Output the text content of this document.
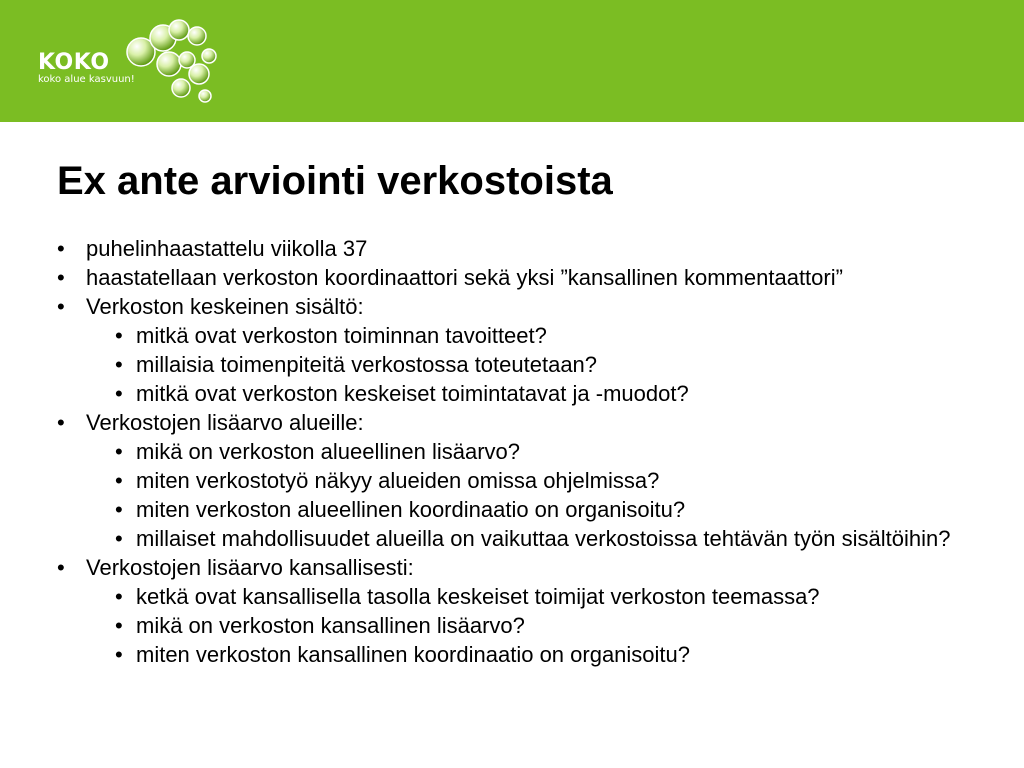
KOKO
koko alue kasvuun!
Ex ante arviointi verkostoista
• puhelinhaastattelu viikolla 37
• haastatellaan verkoston koordinaattori sekä yksi ”kansallinen kommentaattori”
• Verkoston keskeinen sisältö:
• mitkä ovat verkoston toiminnan tavoitteet?
• millaisia toimenpiteitä verkostossa toteutetaan?
• mitkä ovat verkoston keskeiset toimintatavat ja -muodot?
• Verkostojen lisäarvo alueille:
• mikä on verkoston alueellinen lisäarvo?
• miten verkostotyö näkyy alueiden omissa ohjelmissa?
• miten verkoston alueellinen koordinaatio on organisoitu?
• millaiset mahdollisuudet alueilla on vaikuttaa verkostoissa tehtävän työn sisältöihin?
• Verkostojen lisäarvo kansallisesti:
• ketkä ovat kansallisella tasolla keskeiset toimijat verkoston teemassa?
• mikä on verkoston kansallinen lisäarvo?
• miten verkoston kansallinen koordinaatio on organisoitu?
